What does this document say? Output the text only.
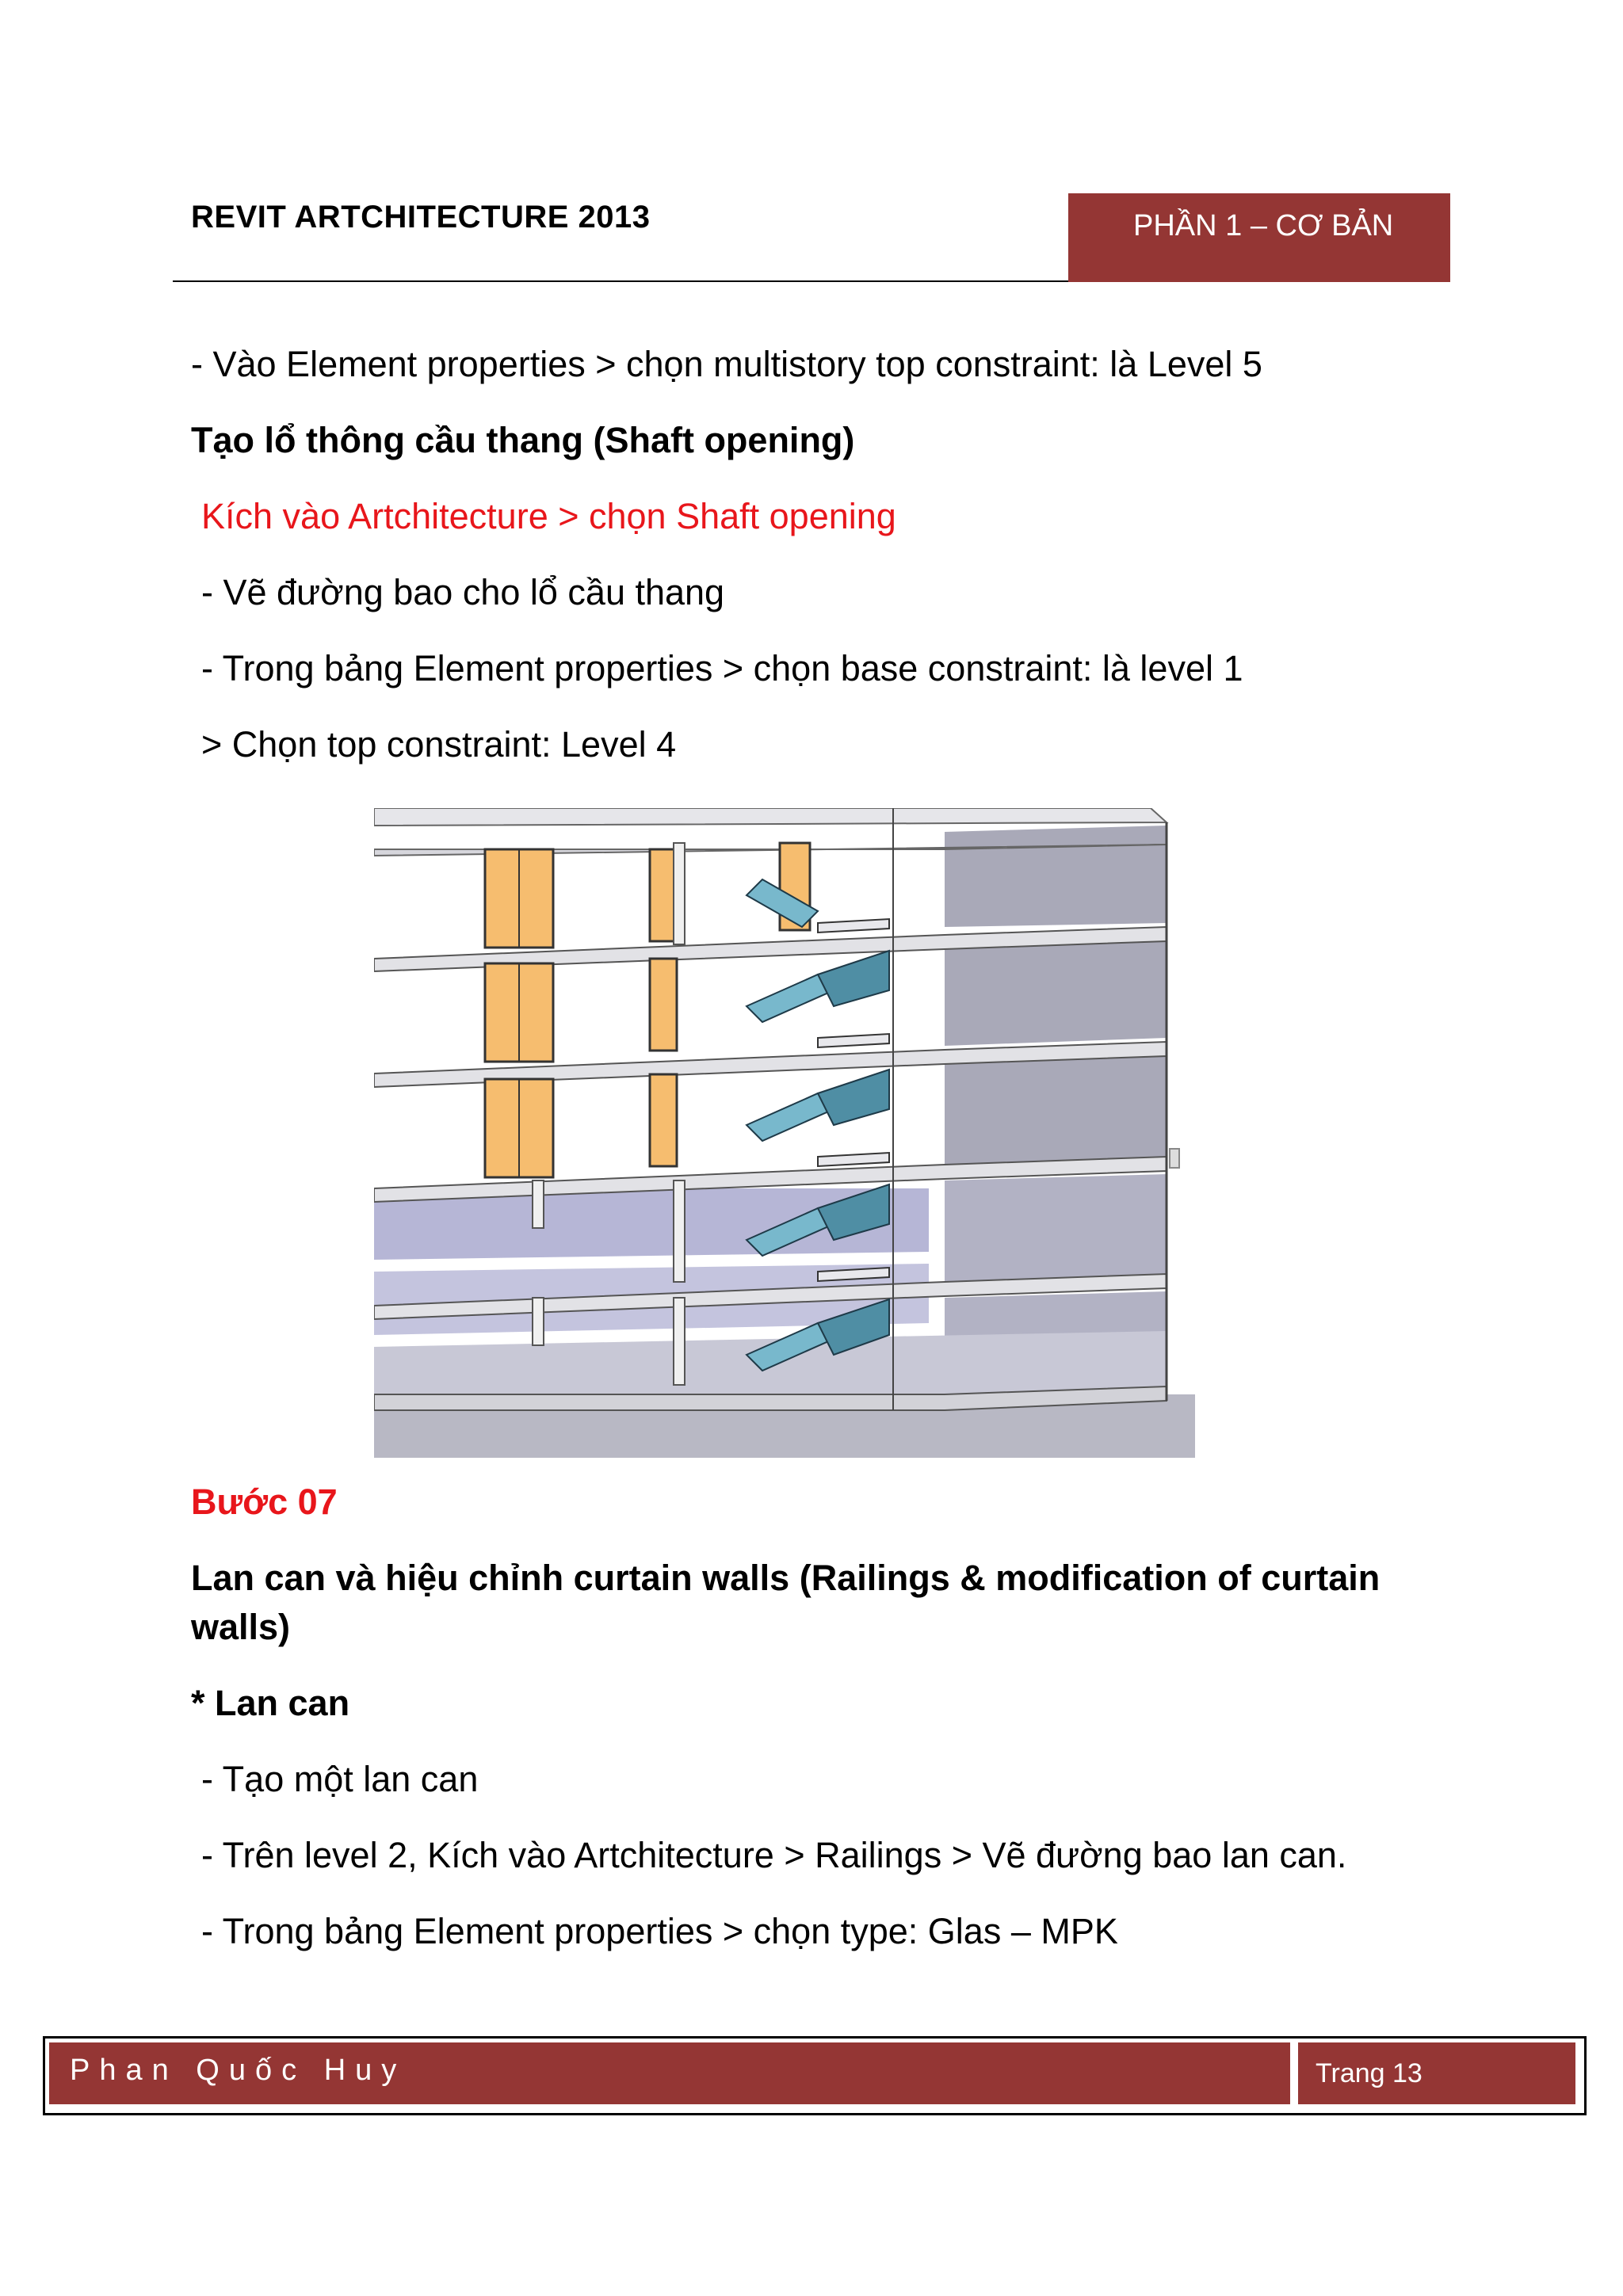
REVIT ARTCHITECTURE 2013	PHẦN 1 – CƠ BẢN
- Vào Element properties > chọn multistory top constraint: là Level 5
Tạo lổ thông cầu thang (Shaft opening)
Kích vào Artchitecture > chọn Shaft opening
- Vẽ đường bao cho lổ cầu thang
- Trong bảng Element properties > chọn base constraint: là level 1
> Chọn top constraint: Level 4
Bước 07
Lan can và hiệu chỉnh curtain walls (Railings & modification of curtain
walls)
* Lan can
- Tạo một lan can
- Trên level 2, Kích vào Artchitecture > Railings > Vẽ đường bao lan can.
- Trong bảng Element properties > chọn type: Glas – MPK
Phan Quốc Huy	Trang 13
